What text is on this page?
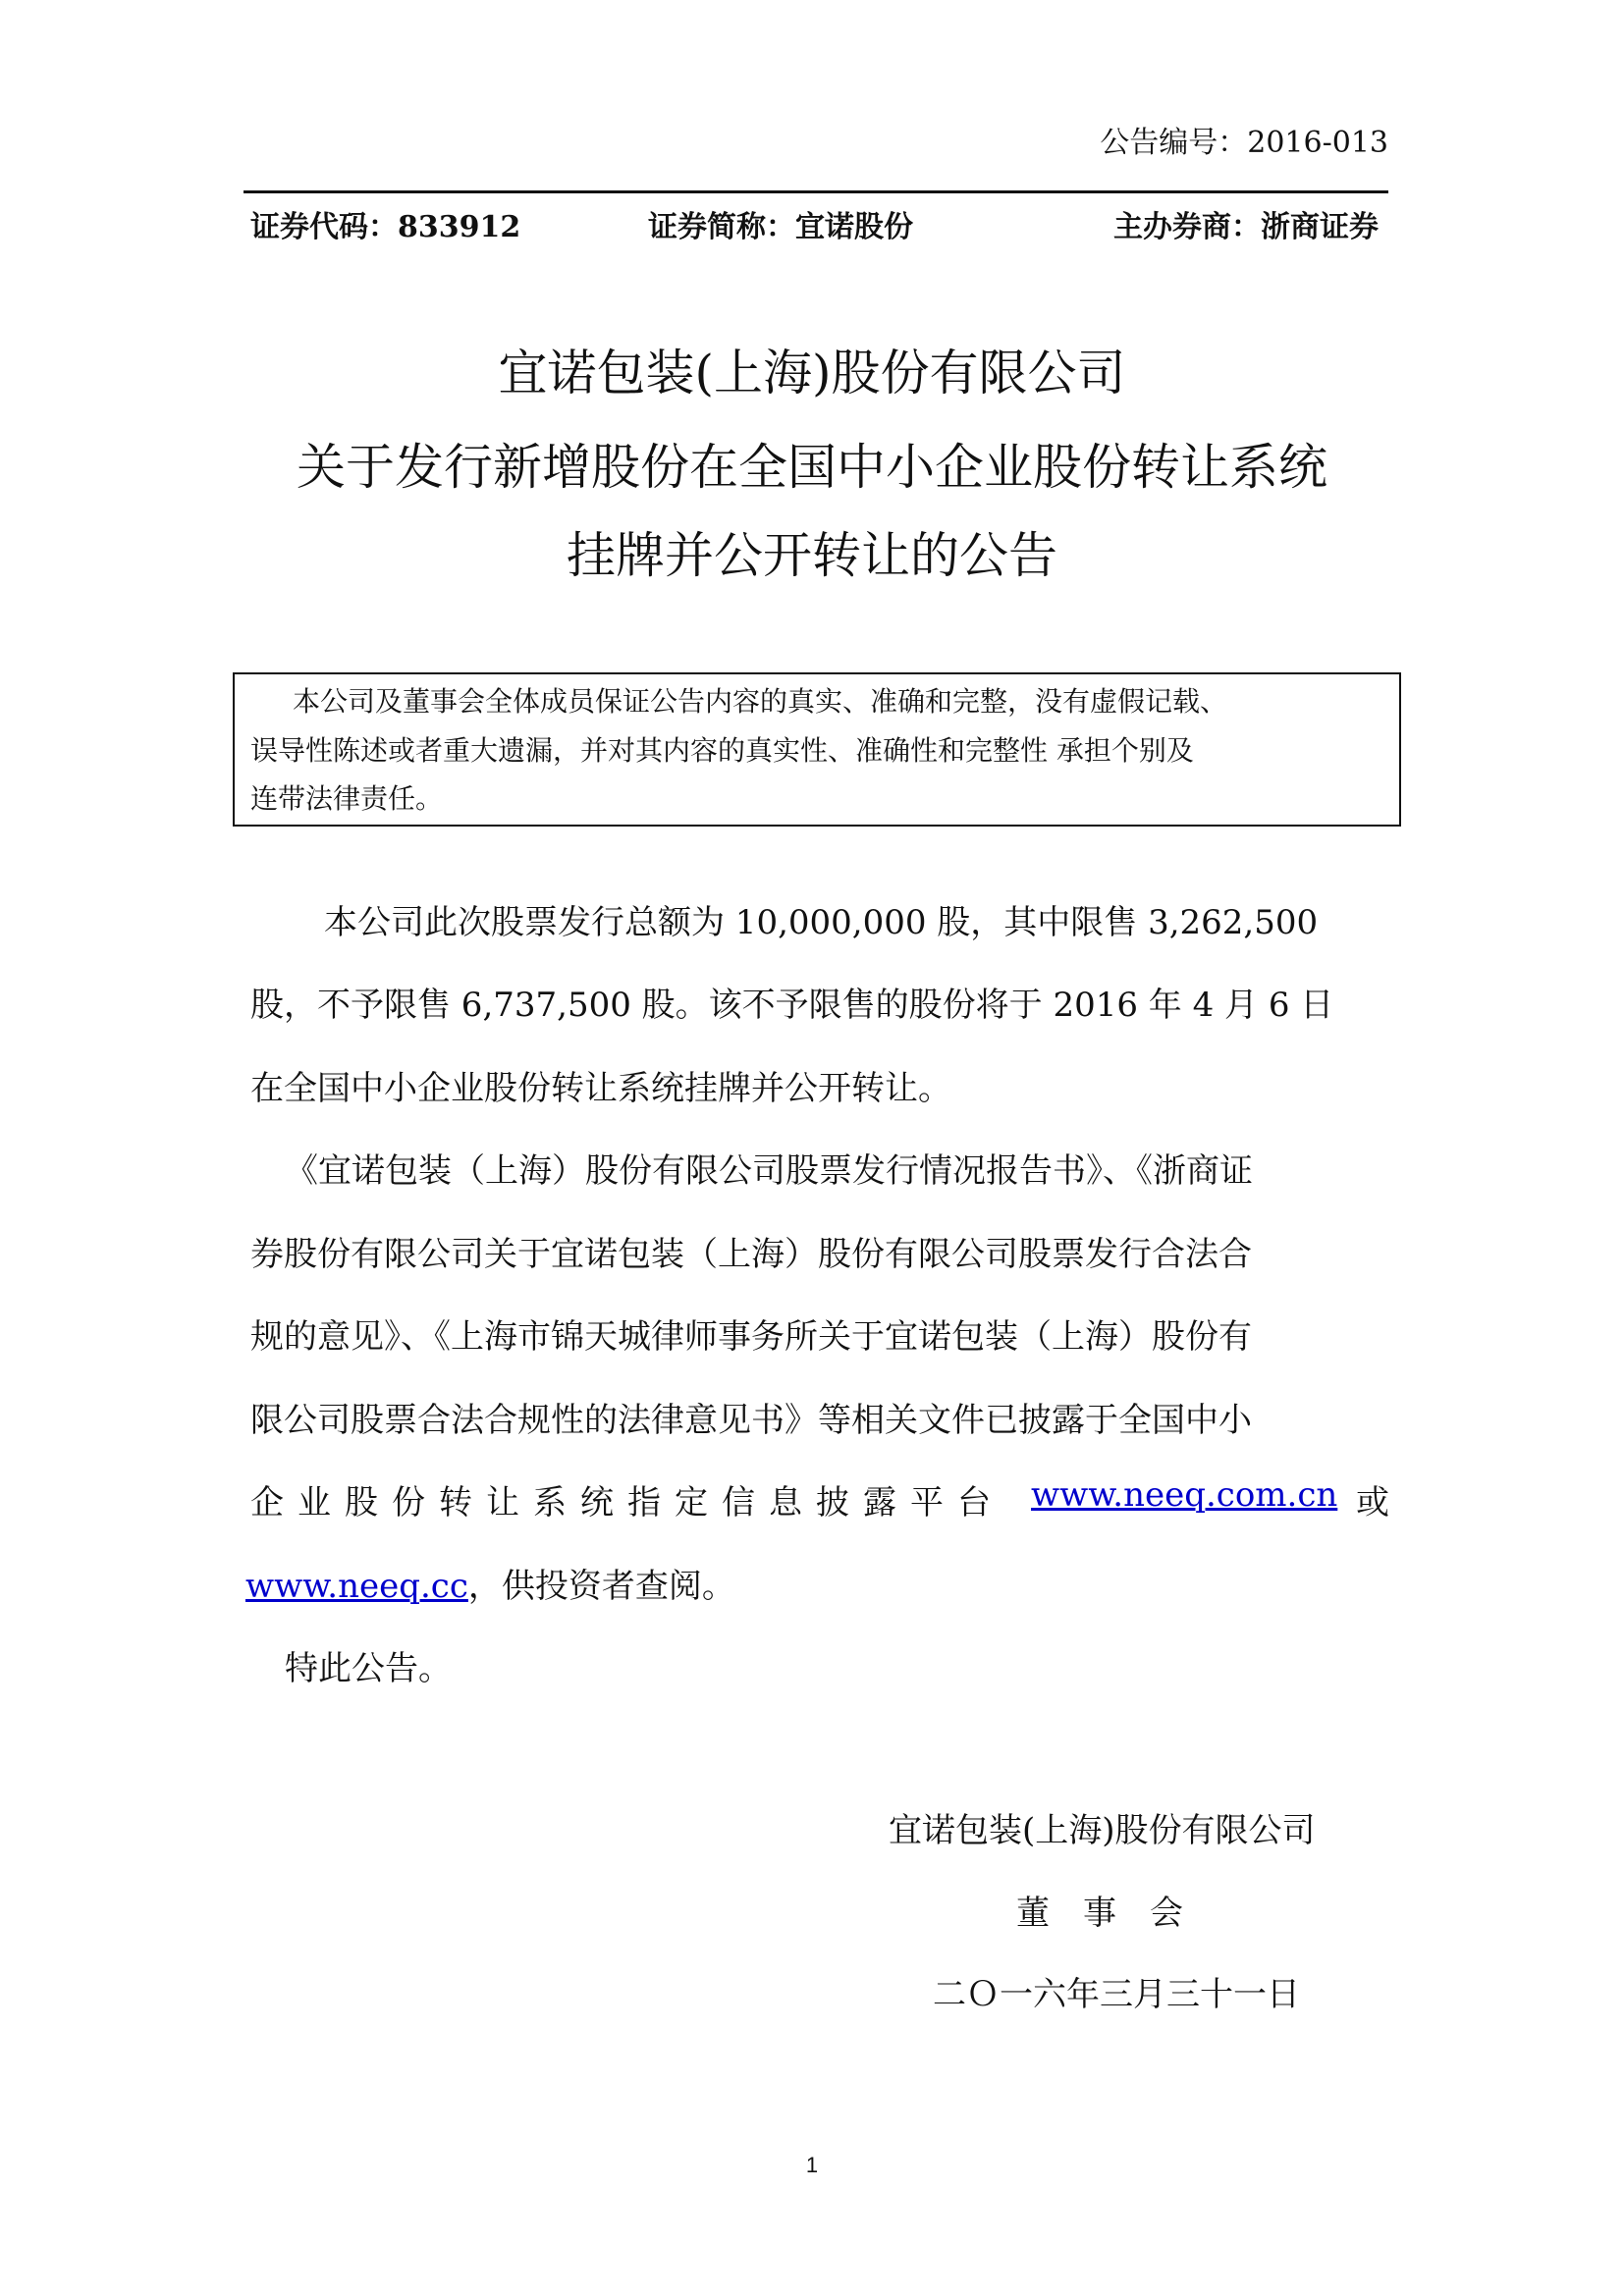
公告编号：2016-013
证券代码：833912	证券简称：宜诺股份	主办券商：浙商证券
宜诺包装(上海)股份有限公司
关于发行新增股份在全国中小企业股份转让系统
挂牌并公开转让的公告
本公司及董事会全体成员保证公告内容的真实、准确和完整，没有虚假记载、
误导性陈述或者重大遗漏，并对其内容的真实性、准确性和完整性 承担个别及
连带法律责任。
本公司此次股票发行总额为 10,000,000 股，其中限售 3,262,500
股，不予限售 6,737,500 股。该不予限售的股份将于 2016 年 4 月 6 日
在全国中小企业股份转让系统挂牌并公开转让。
《宜诺包装（上海）股份有限公司股票发行情况报告书》、《浙商证
券股份有限公司关于宜诺包装（上海）股份有限公司股票发行合法合
规的意见》、《上海市锦天城律师事务所关于宜诺包装（上海）股份有
限公司股票合法合规性的法律意见书》等相关文件已披露于全国中小
企业股份转让系统指定信息披露平台 www.neeq.com.cn 或
www.neeq.cc，供投资者查阅。
特此公告。
宜诺包装(上海)股份有限公司
董　事　会
二Ｏ一六年三月三十一日
1
